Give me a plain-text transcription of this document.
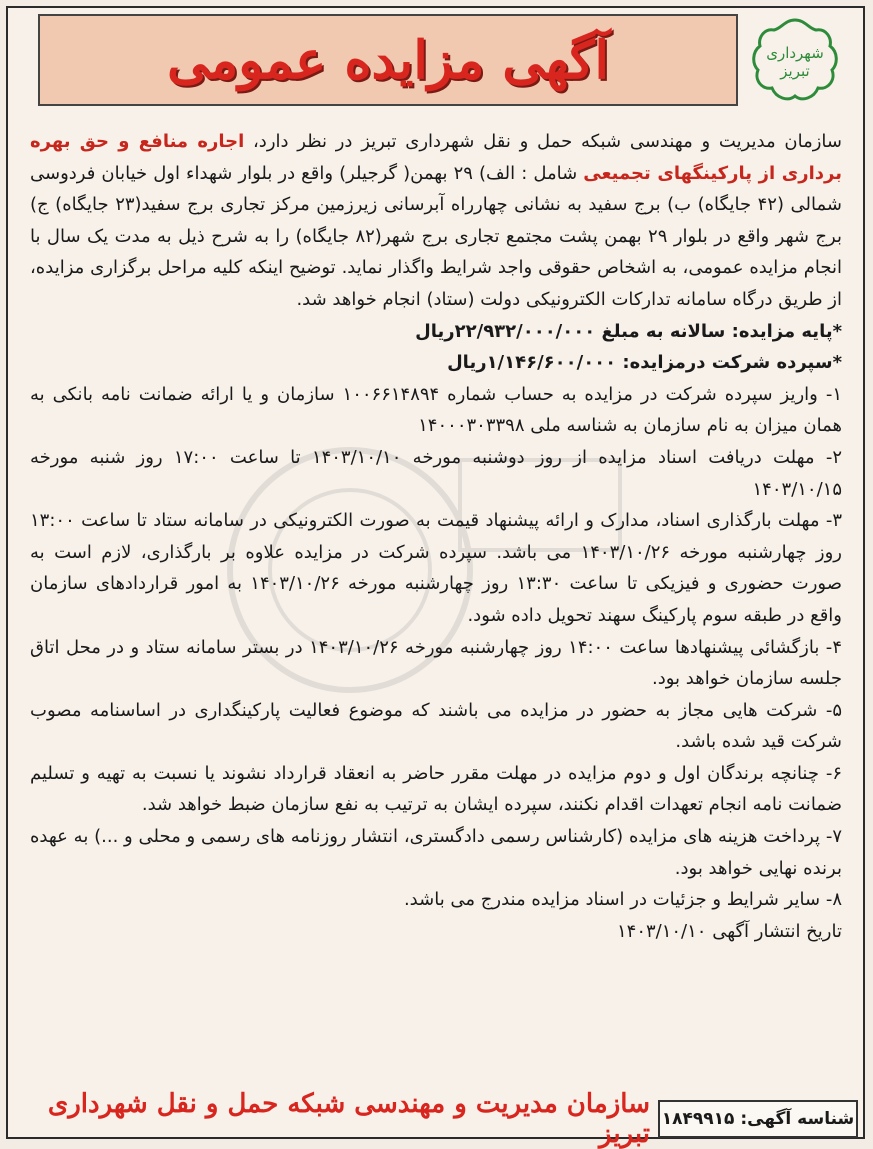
شهرداری
تبریز
آگهی مزایده عمومی

سازمان مدیریت و مهندسی شبکه حمل و نقل شهرداری تبریز در نظر دارد، اجاره منافع و حق بهره برداری از پارکینگهای تجمیعی شامل : الف) ۲۹ بهمن( گرجیلر) واقع در بلوار شهداء اول خیابان فردوسی شمالی (۴۲ جایگاه) ب) برج سفید به نشانی چهارراه آبرسانی زیرزمین مرکز تجاری برج سفید(۲۳ جایگاه) ج) برج شهر واقع در بلوار ۲۹ بهمن پشت مجتمع تجاری برج شهر(۸۲ جایگاه) را به شرح ذیل به مدت یک سال با انجام مزایده عمومی، به اشخاص حقوقی واجد شرایط واگذار نماید. توضیح اینکه کلیه مراحل برگزاری مزایده، از طریق درگاه سامانه تدارکات الکترونیکی دولت (ستاد) انجام خواهد شد.

*پایه مزایده: سالانه به مبلغ ۲۲/۹۳۲/۰۰۰/۰۰۰ریال

*سپرده شرکت درمزایده: ۱/۱۴۶/۶۰۰/۰۰۰ریال

۱- واریز سپرده شرکت در مزایده به حساب شماره ۱۰۰۶۶۱۴۸۹۴ سازمان و یا ارائه ضمانت نامه بانکی به همان میزان به نام سازمان به شناسه ملی ۱۴۰۰۰۳۰۳۳۹۸

۲- مهلت دریافت اسناد مزایده از روز دوشنبه مورخه ۱۴۰۳/۱۰/۱۰ تا ساعت ۱۷:۰۰ روز شنبه مورخه ۱۴۰۳/۱۰/۱۵

۳- مهلت بارگذاری اسناد، مدارک و ارائه پیشنهاد قیمت به صورت الکترونیکی در سامانه ستاد تا ساعت ۱۳:۰۰ روز چهارشنبه مورخه ۱۴۰۳/۱۰/۲۶ می باشد. سپرده شرکت در مزایده علاوه بر بارگذاری، لازم است به صورت حضوری و فیزیکی تا ساعت ۱۳:۳۰ روز چهارشنبه مورخه ۱۴۰۳/۱۰/۲۶ به امور قراردادهای سازمان واقع در طبقه سوم پارکینگ سهند تحویل داده شود.

۴- بازگشائی پیشنهادها ساعت ۱۴:۰۰ روز چهارشنبه مورخه ۱۴۰۳/۱۰/۲۶ در بستر سامانه ستاد و در محل اتاق جلسه سازمان خواهد بود.

۵- شرکت هایی مجاز به حضور در مزایده می باشند که موضوع فعالیت پارکینگداری در اساسنامه مصوب شرکت قید شده باشد.

۶- چنانچه برندگان اول و دوم مزایده در مهلت مقرر حاضر به انعقاد قرارداد نشوند یا نسبت به تهیه و تسلیم ضمانت نامه انجام تعهدات اقدام نکنند، سپرده ایشان به ترتیب به نفع سازمان ضبط خواهد شد.

۷- پرداخت هزینه های مزایده (کارشناس رسمی دادگستری، انتشار روزنامه های رسمی و محلی و ...) به عهده برنده نهایی خواهد بود.

۸- سایر شرایط و جزئیات در اسناد مزایده مندرج می باشد.

تاریخ انتشار آگهی ۱۴۰۳/۱۰/۱۰

سازمان مدیریت و مهندسی شبکه حمل و نقل شهرداری تبریز شناسه آگهی: ۱۸۴۹۹۱۵
